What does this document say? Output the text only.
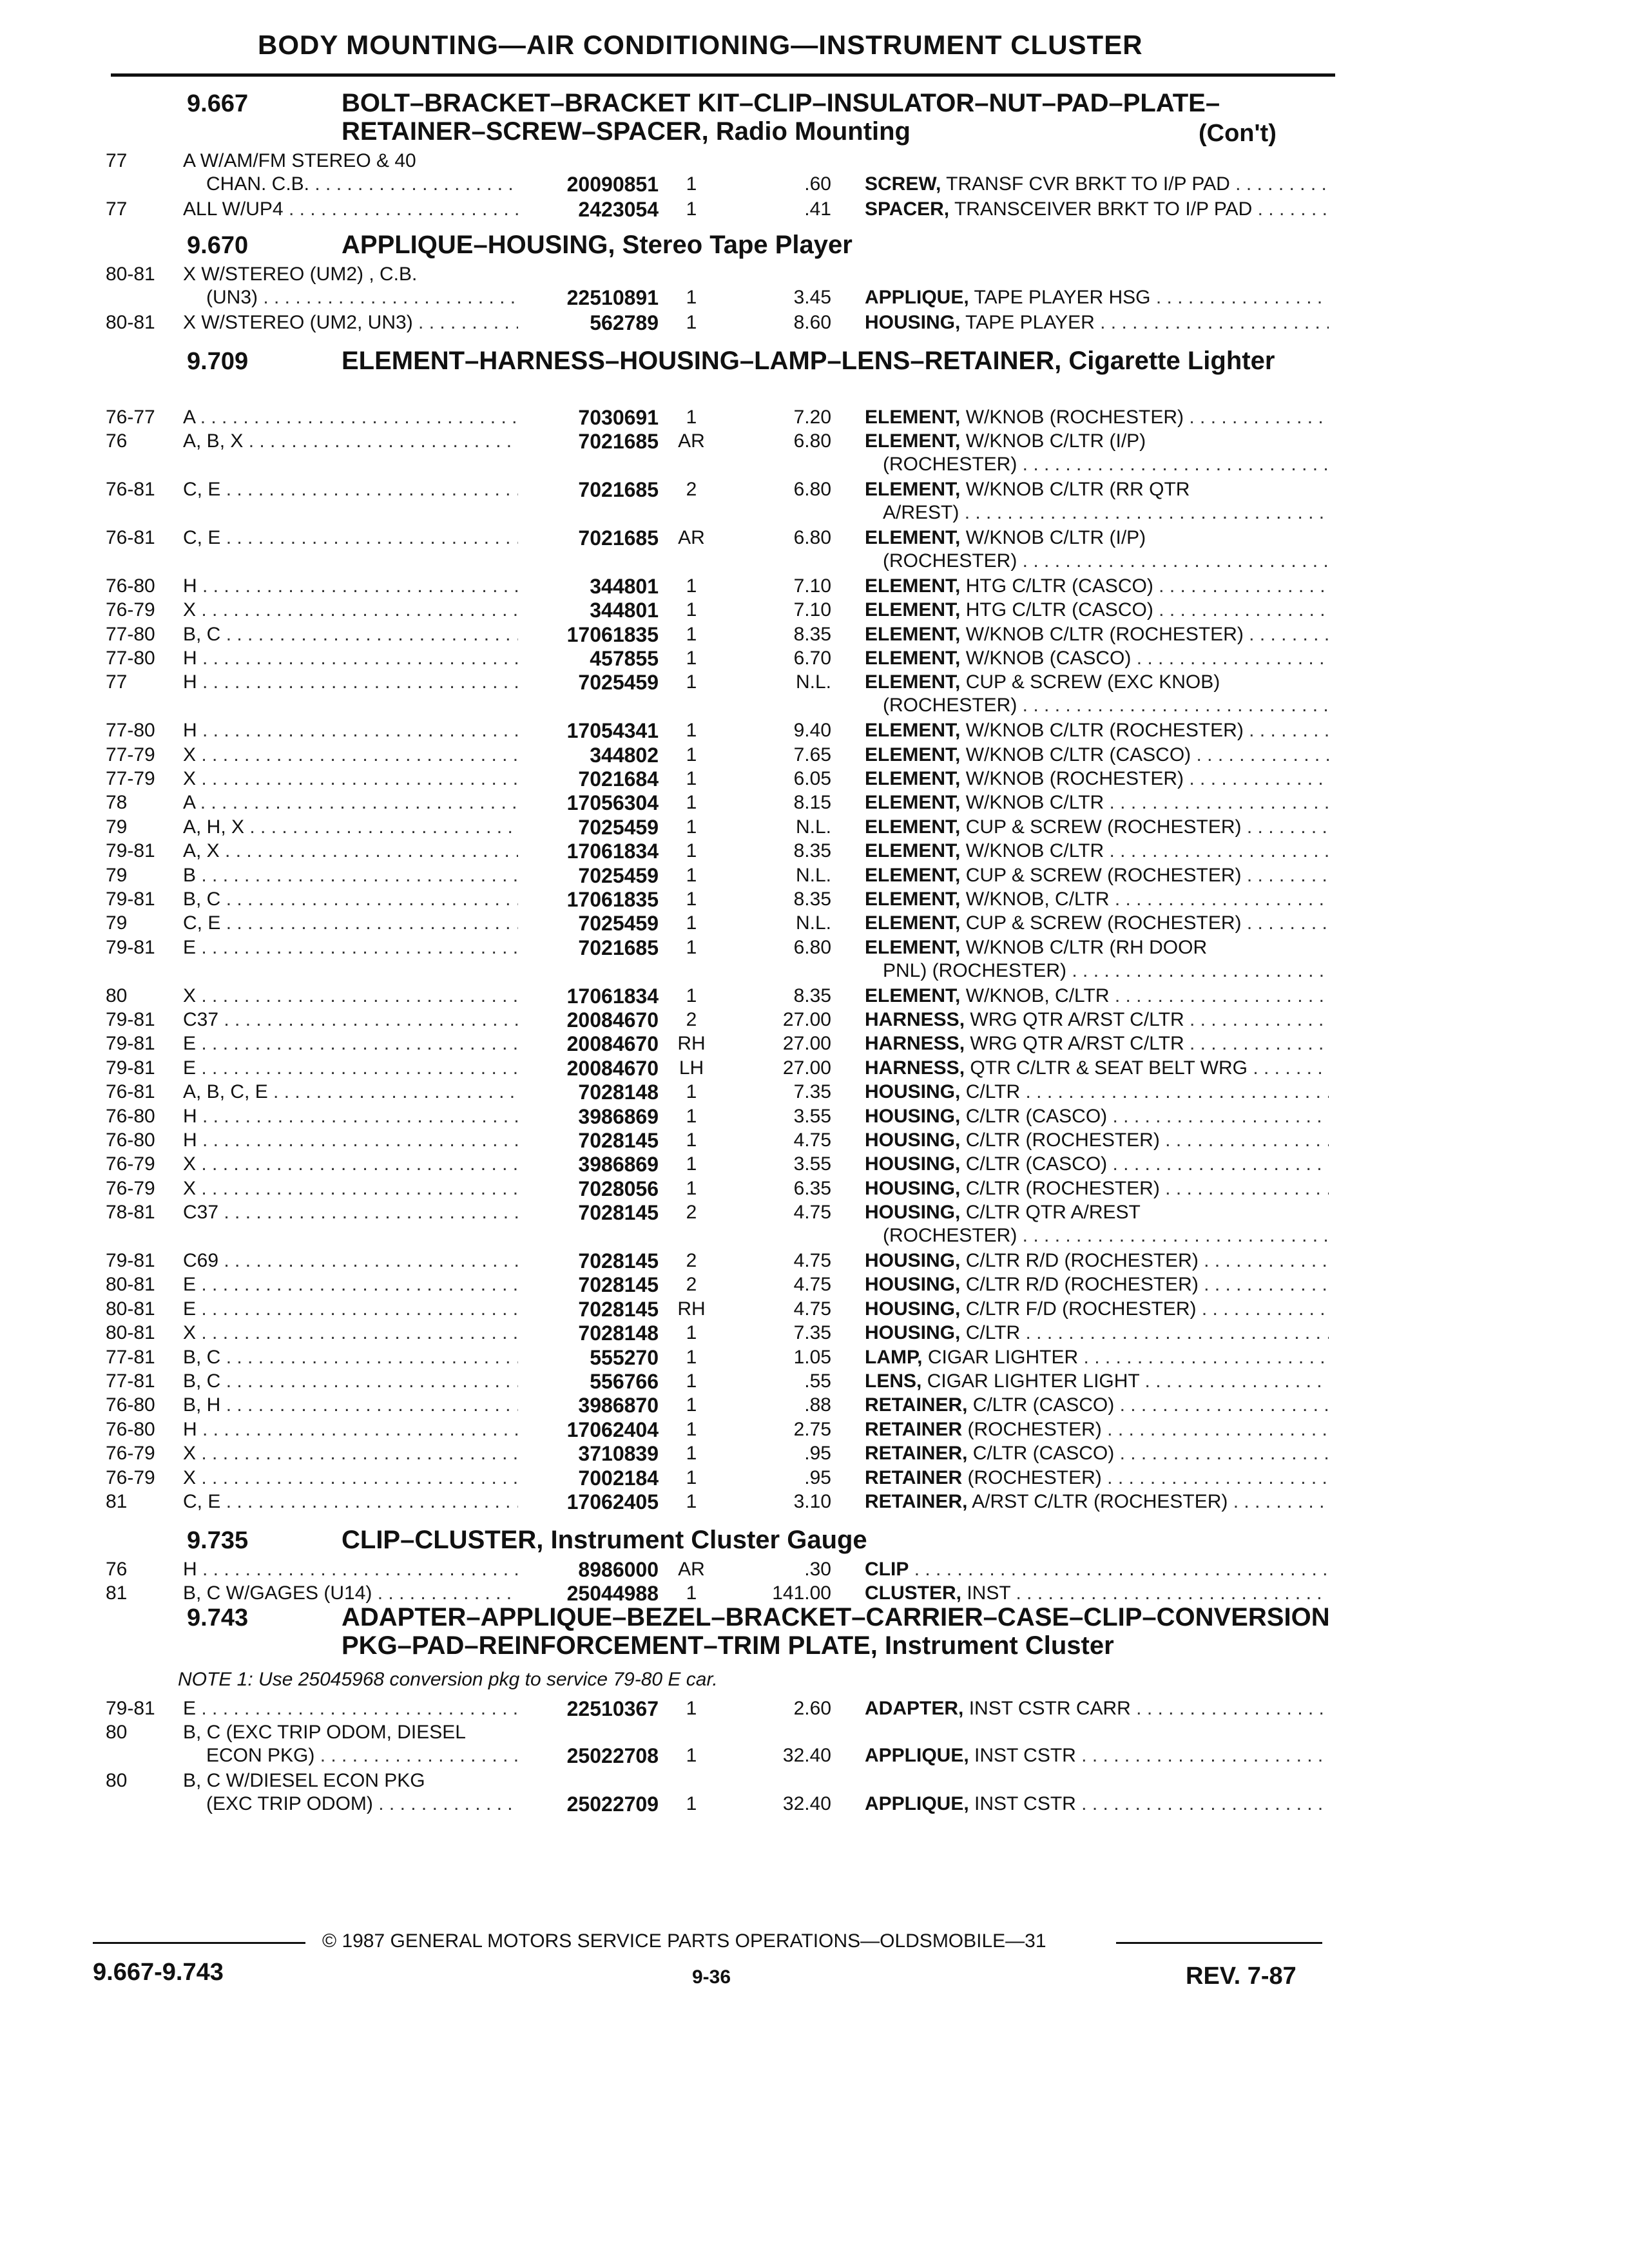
BODY MOUNTING—AIR CONDITIONING—INSTRUMENT CLUSTER
9.667	BOLT–BRACKET–BRACKET KIT–CLIP–INSULATOR–NUT–PAD–PLATE–RETAINER–SCREW–SPACER, Radio Mounting	(Con't)
77	A W/AM/FM STEREO & 40
CHAN. C.B. . . .	20090851	1	.60 SCREW, TRANSF CVR BRKT TO I/P PAD . . .
77	ALL W/UP4 . . .	2423054	1	.41 SPACER, TRANSCEIVER BRKT TO I/P PAD . . .
9.670	APPLIQUE–HOUSING, Stereo Tape Player
80-81 X W/STEREO (UM2) , C.B.
(UN3) . . .	22510891	1	3.45 APPLIQUE, TAPE PLAYER HSG . . .
80-81 X W/STEREO (UM2, UN3) . . .	562789	1	8.60 HOUSING, TAPE PLAYER . . .
9.709	ELEMENT–HARNESS–HOUSING–LAMP–LENS–RETAINER, Cigarette Lighter
76-77 A . . .	7030691	1	7.20 ELEMENT, W/KNOB (ROCHESTER) . . .
76	A, B, X . . .	7021685	AR	6.80 ELEMENT, W/KNOB C/LTR (I/P)
(ROCHESTER) . . .
76-81 C, E . . .	7021685	2	6.80 ELEMENT, W/KNOB C/LTR (RR QTR
A/REST) . . .
76-81 C, E . . .	7021685	AR	6.80 ELEMENT, W/KNOB C/LTR (I/P)
(ROCHESTER) . . .
76-80 H . . .	344801	1	7.10 ELEMENT, HTG C/LTR (CASCO) . . .
76-79 X . . .	344801	1	7.10 ELEMENT, HTG C/LTR (CASCO) . . .
77-80 B, C . . .	17061835	1	8.35 ELEMENT, W/KNOB C/LTR (ROCHESTER) . . .
77-80 H . . .	457855	1	6.70 ELEMENT, W/KNOB (CASCO) . . .
77	H . . .	7025459	1	N.L. ELEMENT, CUP & SCREW (EXC KNOB)
(ROCHESTER) . . .
77-80 H . . .	17054341	1	9.40 ELEMENT, W/KNOB C/LTR (ROCHESTER) . . .
77-79 X . . .	344802	1	7.65 ELEMENT, W/KNOB C/LTR (CASCO) . . .
77-79 X . . .	7021684	1	6.05 ELEMENT, W/KNOB (ROCHESTER) . . .
78	A . . .	17056304	1	8.15 ELEMENT, W/KNOB C/LTR . . .
79	A, H, X . . .	7025459	1	N.L. ELEMENT, CUP & SCREW (ROCHESTER) . . .
79-81 A, X . . .	17061834	1	8.35 ELEMENT, W/KNOB C/LTR . . .
79	B . . .	7025459	1	N.L. ELEMENT, CUP & SCREW (ROCHESTER) . . .
79-81 B, C . . .	17061835	1	8.35 ELEMENT, W/KNOB, C/LTR . . .
79	C, E . . .	7025459	1	N.L. ELEMENT, CUP & SCREW (ROCHESTER) . . .
79-81 E . . .	7021685	1	6.80 ELEMENT, W/KNOB C/LTR (RH DOOR
PNL) (ROCHESTER) . . .
80	X . . .	17061834	1	8.35 ELEMENT, W/KNOB, C/LTR . . .
79-81 C37 . . .	20084670	2	27.00 HARNESS, WRG QTR A/RST C/LTR . . .
79-81 E . . .	20084670 RH	27.00 HARNESS, WRG QTR A/RST C/LTR . . .
79-81 E . . .	20084670	LH	27.00 HARNESS, QTR C/LTR & SEAT BELT WRG . . .
76-81 A, B, C, E . . .	7028148	1	7.35 HOUSING, C/LTR . . .
76-80 H . . .	3986869	1	3.55 HOUSING, C/LTR (CASCO) . . .
76-80 H . . .	7028145	1	4.75 HOUSING, C/LTR (ROCHESTER) . . .
76-79 X . . .	3986869	1	3.55 HOUSING, C/LTR (CASCO) . . .
76-79 X . . .	7028056	1	6.35 HOUSING, C/LTR (ROCHESTER) . . .
78-81 C37 . . .	7028145	2	4.75 HOUSING, C/LTR QTR A/REST
(ROCHESTER) . . .
79-81 C69 . . .	7028145	2	4.75 HOUSING, C/LTR R/D (ROCHESTER) . . .
80-81 E . . .	7028145	2	4.75 HOUSING, C/LTR R/D (ROCHESTER) . . .
80-81 E . . .	7028145 RH	4.75 HOUSING, C/LTR F/D (ROCHESTER) . . .
80-81 X . . .	7028148	1	7.35 HOUSING, C/LTR . . .
77-81 B, C . . .	555270	1	1.05 LAMP, CIGAR LIGHTER . . .
77-81 B, C . . .	556766	1	.55 LENS, CIGAR LIGHTER LIGHT . . .
76-80 B, H . . .	3986870	1	.88 RETAINER, C/LTR (CASCO) . . .
76-80 H . . .	17062404	1	2.75 RETAINER (ROCHESTER) . . .
76-79 X . . .	3710839	1	.95 RETAINER, C/LTR (CASCO) . . .
76-79 X . . .	7002184	1	.95 RETAINER (ROCHESTER) . . .
81	C, E . . .	17062405	1	3.10 RETAINER, A/RST C/LTR (ROCHESTER) . . .
9.735	CLIP–CLUSTER, Instrument Cluster Gauge
76	H . . .	8986000	AR	.30 CLIP . . .
81	B, C W/GAGES (U14) . . .	25044988	1	141.00 CLUSTER, INST . . .
9.743	ADAPTER–APPLIQUE–BEZEL–BRACKET–CARRIER–CASE–CLIP–CONVERSION PKG–PAD–REINFORCEMENT–TRIM PLATE, Instrument Cluster
NOTE 1: Use 25045968 conversion pkg to service 79-80 E car.
79-81 E . . .	22510367	1	2.60 ADAPTER, INST CSTR CARR . . .
80	B, C (EXC TRIP ODOM, DIESEL
ECON PKG) . . .	25022708	1	32.40 APPLIQUE, INST CSTR . . .
80	B, C W/DIESEL ECON PKG
(EXC TRIP ODOM) . . .	25022709	1	32.40 APPLIQUE, INST CSTR . . .
© 1987 GENERAL MOTORS SERVICE PARTS OPERATIONS—OLDSMOBILE—31
9.667-9.743	9-36	REV. 7-87
